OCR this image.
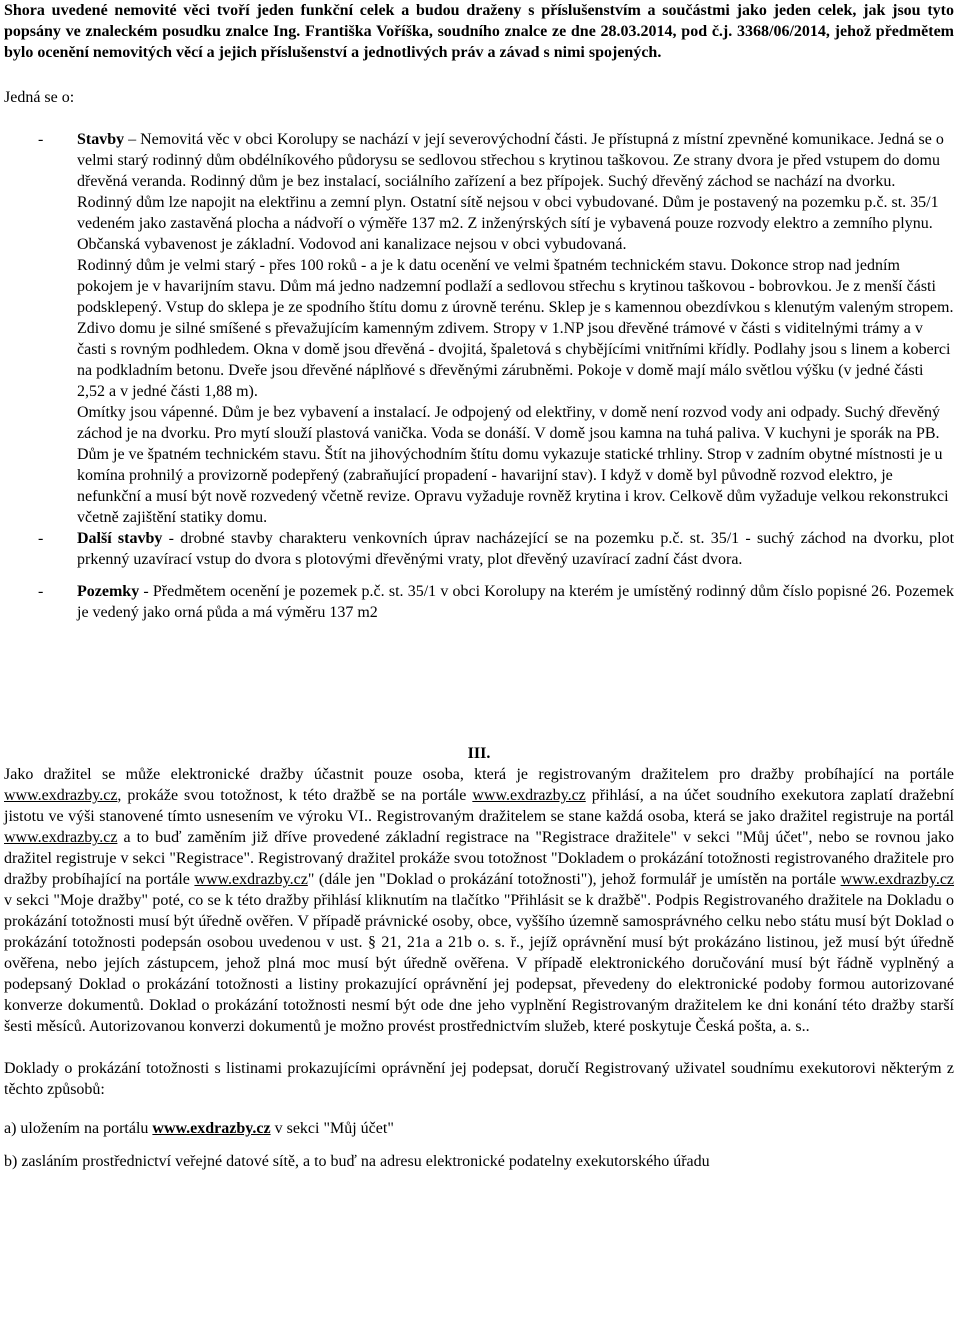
Shora uvedené nemovité věci tvoří jeden funkční celek a budou draženy s příslušenstvím a součástmi jako jeden celek, jak jsou tyto popsány ve znaleckém posudku znalce Ing. Františka Voříška, soudního znalce ze dne 28.03.2014, pod č.j. 3368/06/2014, jehož předmětem bylo ocenění nemovitých věcí a jejich příslušenství a jednotlivých práv a závad s nimi spojených.

Jedná se o:

- Stavby – Nemovitá věc v obci Korolupy se nachází v její severovýchodní části. Je přístupná z místní zpevněné komunikace. Jedná se o velmi starý rodinný dům obdélníkového půdorysu se sedlovou střechou s krytinou taškovou. Ze strany dvora je před vstupem do domu dřevěná veranda. Rodinný dům je bez instalací, sociálního zařízení a bez přípojek. Suchý dřevěný záchod se nachází na dvorku. Rodinný dům lze napojit na elektřinu a zemní plyn. Ostatní sítě nejsou v obci vybudované. Dům je postavený na pozemku p.č. st. 35/1 vedeném jako zastavěná plocha a nádvoří o výměře 137 m2. Z inženýrských sítí je vybavená pouze rozvody elektro a zemního plynu. Občanská vybavenost je základní. Vodovod ani kanalizace nejsou v obci vybudovaná.

Rodinný dům je velmi starý - přes 100 roků - a je k datu ocenění ve velmi špatném technickém stavu. Dokonce strop nad jedním pokojem je v havarijním stavu. Dům má jedno nadzemní podlaží a sedlovou střechu s krytinou taškovou - bobrovkou. Je z menší části podsklepený. Vstup do sklepa je ze spodního štítu domu z úrovně terénu. Sklep je s kamennou obezdívkou s klenutým valeným stropem. Zdivo domu je silné smíšené s převažujícím kamenným zdivem. Stropy v 1.NP jsou dřevěné trámové v části s viditelnými trámy a v časti s rovným podhledem. Okna v domě jsou dřevěná - dvojitá, špaletová s chybějícími vnitřními křídly. Podlahy jsou s linem a koberci na podkladním betonu. Dveře jsou dřevěné náplňové s dřevěnými zárubněmi. Pokoje v domě mají málo světlou výšku (v jedné části 2,52 a v jedné části 1,88 m).

Omítky jsou vápenné. Dům je bez vybavení a instalací. Je odpojený od elektřiny, v domě není rozvod vody ani odpady. Suchý dřevěný záchod je na dvorku. Pro mytí slouží plastová vanička. Voda se donáší. V domě jsou kamna na tuhá paliva. V kuchyni je sporák na PB.

Dům je ve špatném technickém stavu. Štít na jihovýchodním štítu domu vykazuje statické trhliny. Strop v zadním obytné místnosti je u komína prohnilý a provizorně podepřený (zabraňující propadení - havarijní stav). I když v domě byl původně rozvod elektro, je nefunkční a musí být nově rozvedený včetně revize. Opravu vyžaduje rovněž krytina i krov. Celkově dům vyžaduje velkou rekonstrukci včetně zajištění statiky domu.

- Další stavby - drobné stavby charakteru venkovních úprav nacházející se na pozemku p.č. st. 35/1 - suchý záchod na dvorku, plot prkenný uzavírací vstup do dvora s plotovými dřevěnými vraty, plot dřevěný uzavírací zadní část dvora.

- Pozemky - Předmětem ocenění je pozemek p.č. st. 35/1 v obci Korolupy na kterém je umístěný rodinný dům číslo popisné 26. Pozemek je vedený jako orná půda a má výměru 137 m2

III.

Jako dražitel se může elektronické dražby účastnit pouze osoba, která je registrovaným dražitelem pro dražby probíhající na portále www.exdrazby.cz, prokáže svou totožnost, k této dražbě se na portále www.exdrazby.cz přihlásí, a na účet soudního exekutora zaplatí dražební jistotu ve výši stanovené tímto usnesením ve výroku VI.. Registrovaným dražitelem se stane každá osoba, která se jako dražitel registruje na portál www.exdrazby.cz a to buď zaměním již dříve provedené základní registrace na "Registrace dražitele" v sekci "Můj účet", nebo se rovnou jako dražitel registruje v sekci "Registrace". Registrovaný dražitel prokáže svou totožnost "Dokladem o prokázání totožnosti registrovaného dražitele pro dražby probíhající na portále www.exdrazby.cz" (dále jen "Doklad o prokázání totožnosti"), jehož formulář je umístěn na portále www.exdrazby.cz v sekci "Moje dražby" poté, co se k této dražby přihlásí kliknutím na tlačítko "Přihlásit se k dražbě". Podpis Registrovaného dražitele na Dokladu o prokázání totožnosti musí být úředně ověřen. V případě právnické osoby, obce, vyššího územně samosprávného celku nebo státu musí být Doklad o prokázání totožnosti podepsán osobou uvedenou v ust. § 21, 21a a 21b o. s. ř., jejíž oprávnění musí být prokázáno listinou, jež musí být úředně ověřena, nebo jejích zástupcem, jehož plná moc musí být úředně ověřena. V případě elektronického doručování musí být řádně vyplněný a podepsaný Doklad o prokázání totožnosti a listiny prokazující oprávnění jej podepsat, převedeny do elektronické podoby formou autorizované konverze dokumentů. Doklad o prokázání totožnosti nesmí být ode dne jeho vyplnění Registrovaným dražitelem ke dni konání této dražby starší šesti měsíců. Autorizovanou konverzi dokumentů je možno provést prostřednictvím služeb, které poskytuje Česká pošta, a. s..

Doklady o prokázání totožnosti s listinami prokazujícími oprávnění jej podepsat, doručí Registrovaný uživatel soudnímu exekutorovi některým z těchto způsobů:

a) uložením na portálu www.exdrazby.cz v sekci "Můj účet"

b) zasláním prostřednictví veřejné datové sítě, a to buď na adresu elektronické podatelny exekutorského úřadu
